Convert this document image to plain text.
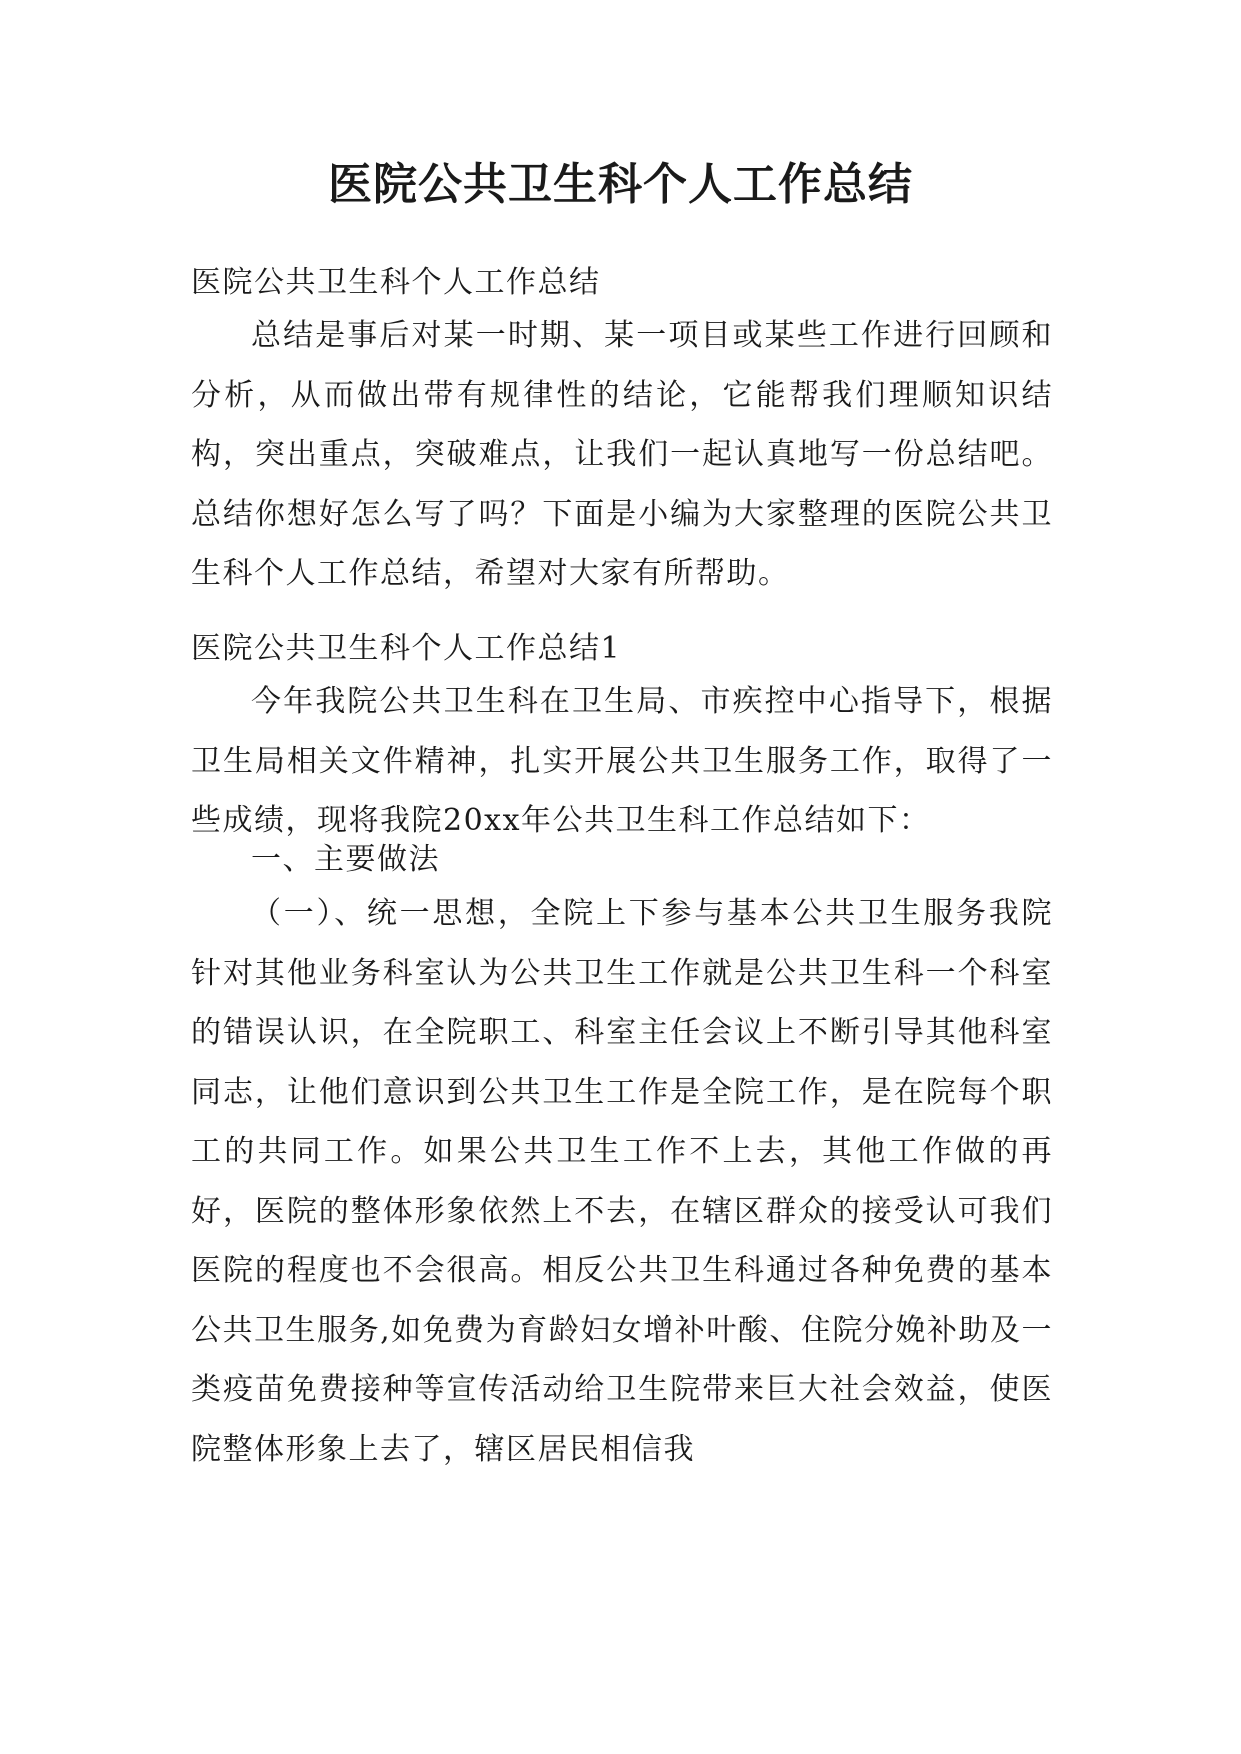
医院公共卫生科个人工作总结

医院公共卫生科个人工作总结

总结是事后对某一时期、某一项目或某些工作进行回顾和分析，从而做出带有规律性的结论，它能帮我们理顺知识结构，突出重点，突破难点，让我们一起认真地写一份总结吧。总结你想好怎么写了吗？下面是小编为大家整理的医院公共卫生科个人工作总结，希望对大家有所帮助。

医院公共卫生科个人工作总结1

今年我院公共卫生科在卫生局、市疾控中心指导下，根据卫生局相关文件精神，扎实开展公共卫生服务工作，取得了一些成绩，现将我院20xx年公共卫生科工作总结如下：

一、主要做法

（一）、统一思想，全院上下参与基本公共卫生服务我院针对其他业务科室认为公共卫生工作就是公共卫生科一个科室的错误认识，在全院职工、科室主任会议上不断引导其他科室同志，让他们意识到公共卫生工作是全院工作，是在院每个职工的共同工作。如果公共卫生工作不上去，其他工作做的再好，医院的整体形象依然上不去，在辖区群众的接受认可我们医院的程度也不会很高。相反公共卫生科通过各种免费的基本公共卫生服务,如免费为育龄妇女增补叶酸、住院分娩补助及一类疫苗免费接种等宣传活动给卫生院带来巨大社会效益，使医院整体形象上去了，辖区居民相信我
